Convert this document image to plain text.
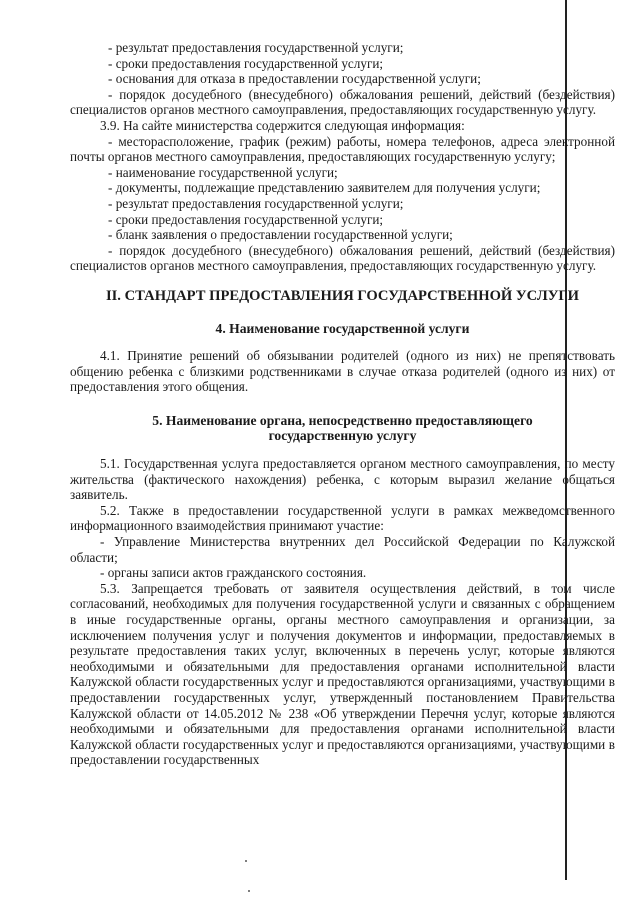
- результат предоставления государственной услуги;

- сроки предоставления государственной услуги;

- основания для отказа в предоставлении государственной услуги;

- порядок досудебного (внесудебного) обжалования решений, действий (бездействия) специалистов органов местного самоуправления, предоставляющих государственную услугу.

3.9. На сайте министерства содержится следующая информация:

- месторасположение, график (режим) работы, номера телефонов, адреса электронной почты органов местного самоуправления, предоставляющих государственную услугу;

- наименование государственной услуги;

- документы, подлежащие представлению заявителем для получения услуги;

- результат предоставления государственной услуги;

- сроки предоставления государственной услуги;

- бланк заявления о предоставлении государственной услуги;

- порядок досудебного (внесудебного) обжалования решений, действий (бездействия) специалистов органов местного самоуправления, предоставляющих государственную услугу.

II. СТАНДАРТ ПРЕДОСТАВЛЕНИЯ ГОСУДАРСТВЕННОЙ УСЛУГИ
4. Наименование государственной услуги

4.1. Принятие решений об обязывании родителей (одного из них) не препятствовать общению ребенка с близкими родственниками в случае отказа родителей (одного из них) от предоставления этого общения.

5. Наименование органа, непосредственно предоставляющего
государственную услугу

5.1. Государственная услуга предоставляется органом местного самоуправления, по месту жительства (фактического нахождения) ребенка, с которым выразил желание общаться заявитель.

5.2. Также в предоставлении государственной услуги в рамках межведомственного информационного взаимодействия принимают участие:

- Управление Министерства внутренних дел Российской Федерации по Калужской области;

- органы записи актов гражданского состояния.

5.3. Запрещается требовать от заявителя осуществления действий, в том числе согласований, необходимых для получения государственной услуги и связанных с обращением в иные государственные органы, органы местного самоуправления и организации, за исключением получения услуг и получения документов и информации, предоставляемых в результате предоставления таких услуг, включенных в перечень услуг, которые являются необходимыми и обязательными для предоставления органами исполнительной власти Калужской области государственных услуг и предоставляются организациями, участвующими в предоставлении государственных услуг, утвержденный постановлением Правительства Калужской области от 14.05.2012 № 238 «Об утверждении Перечня услуг, которые являются необходимыми и обязательными для предоставления органами исполнительной власти Калужской области государственных услуг и предоставляются организациями, участвующими в предоставлении государственных
